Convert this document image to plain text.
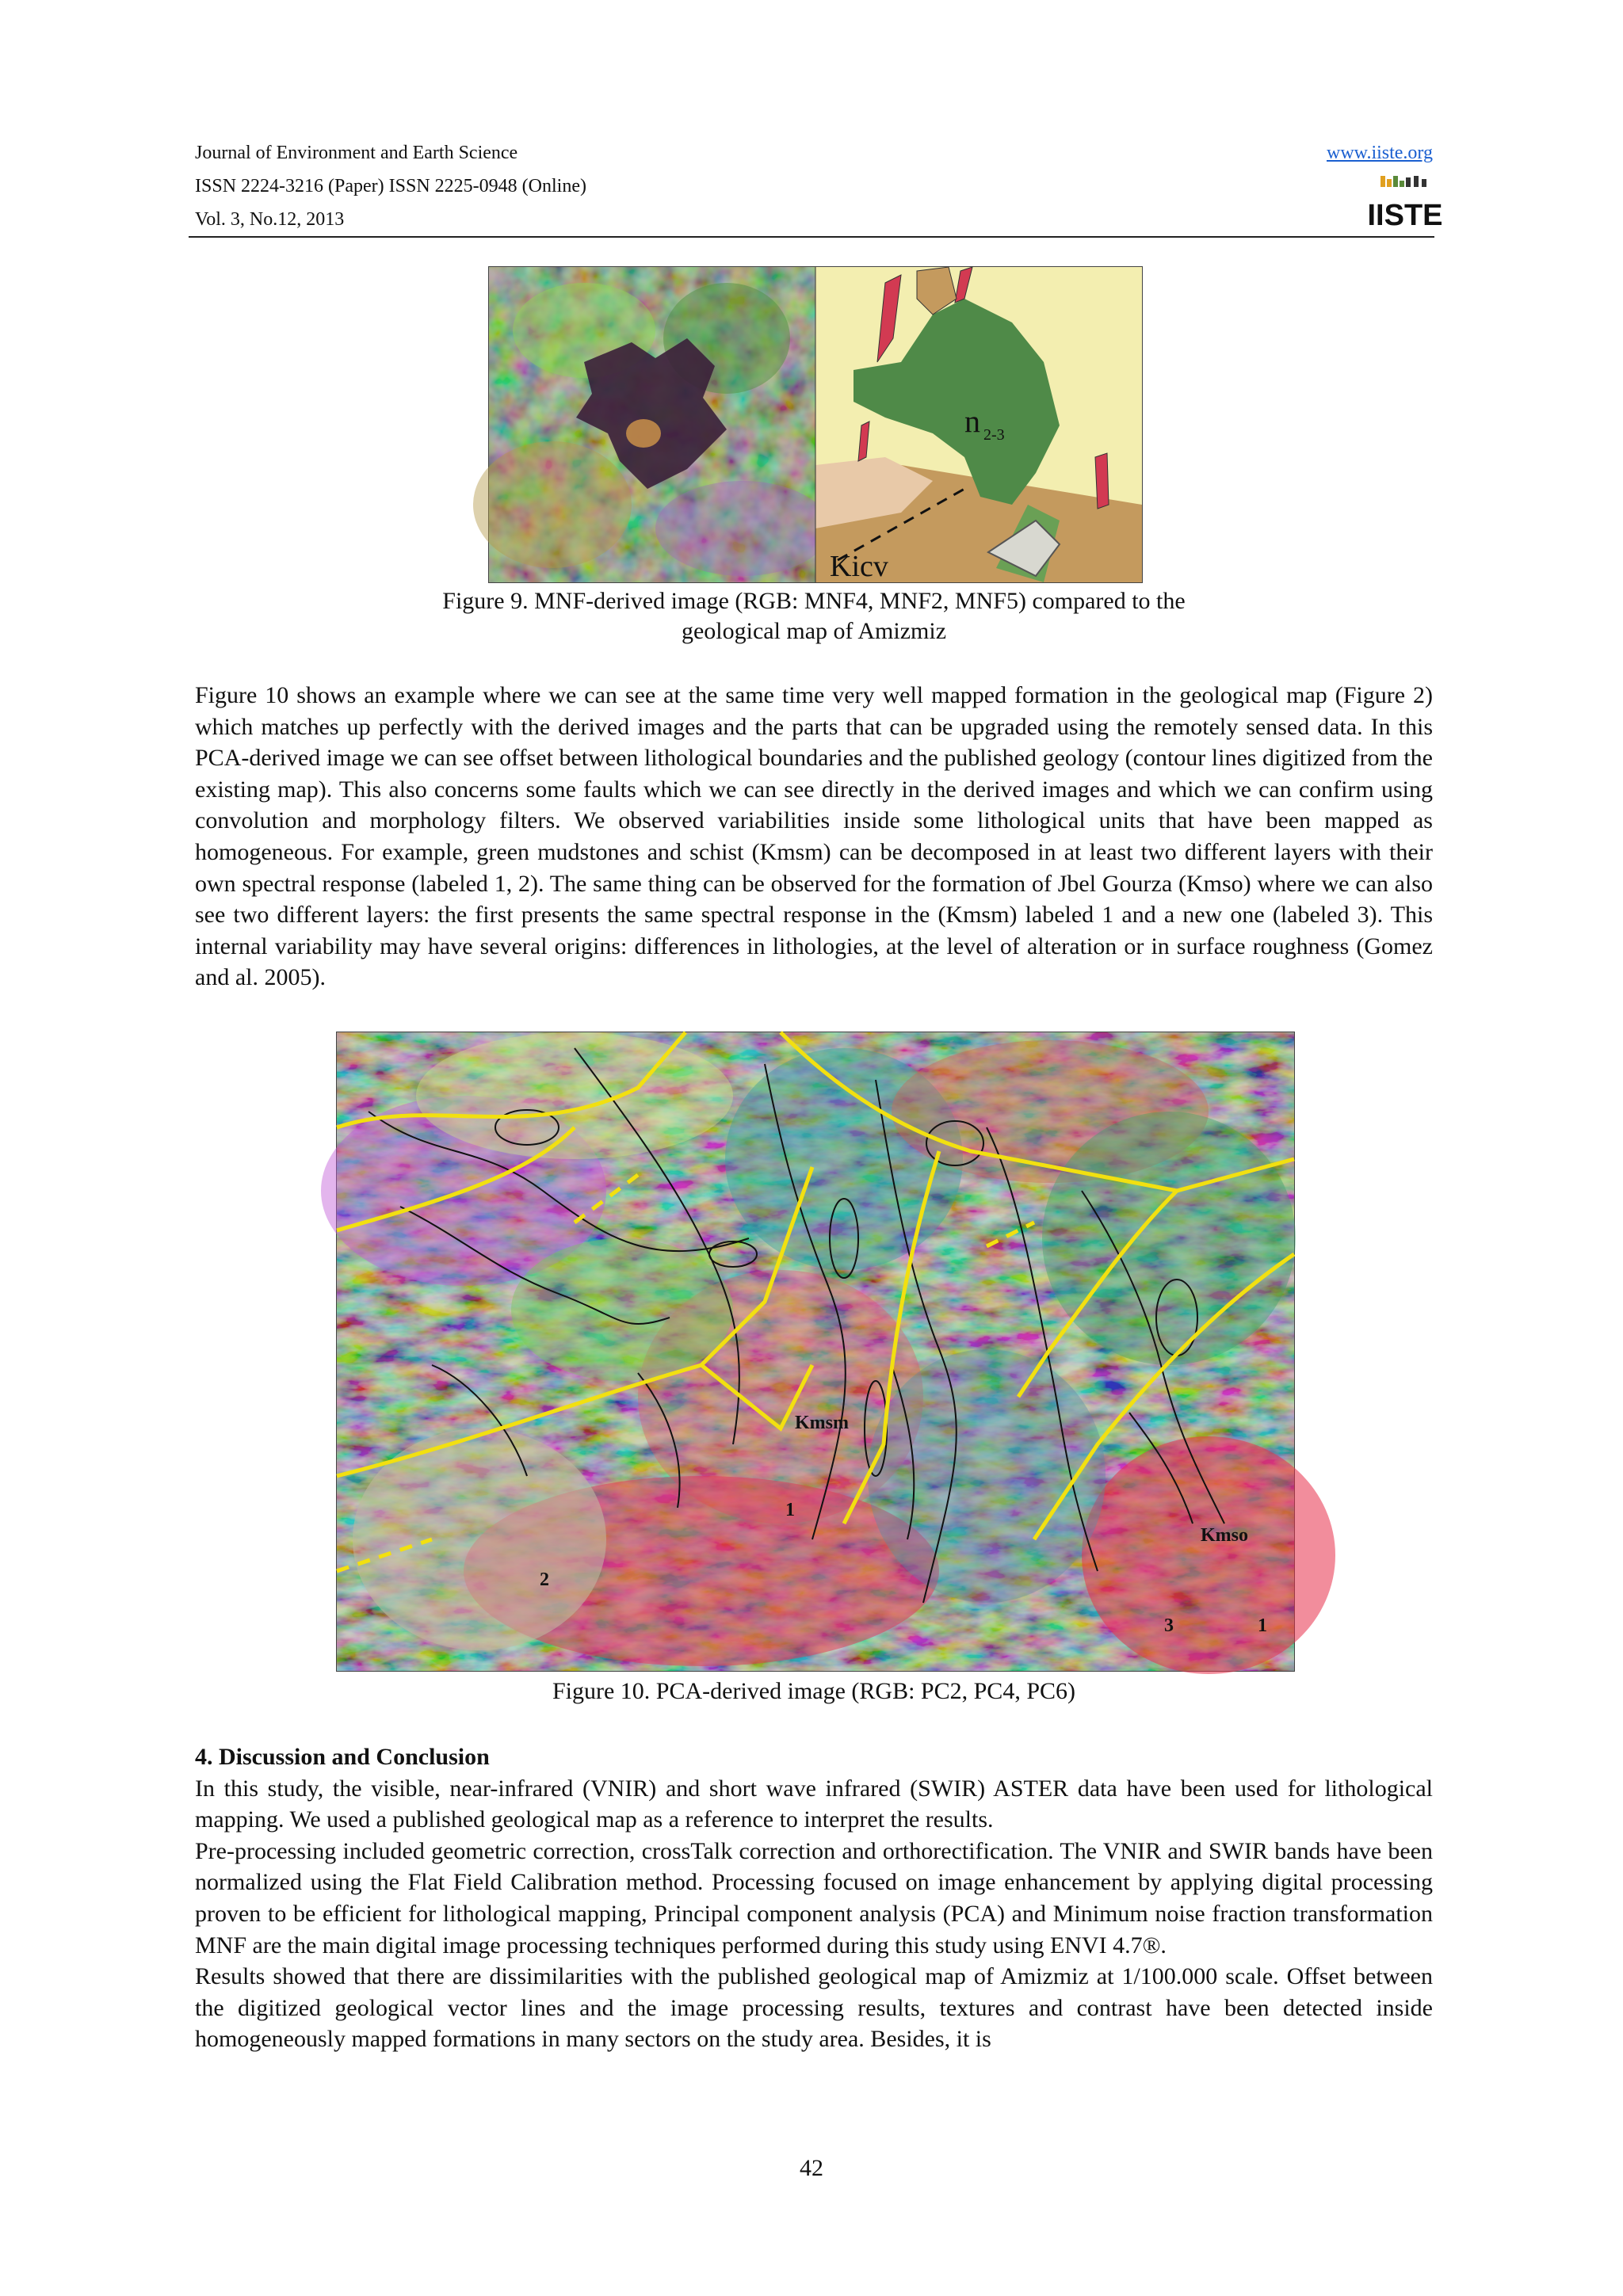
Journal of Environment and Earth Science
ISSN 2224-3216 (Paper) ISSN 2225-0948 (Online)
Vol. 3, No.12, 2013
www.iiste.org
IISTE
n 2-3
Kicv
Figure 9. MNF-derived image (RGB: MNF4, MNF2, MNF5) compared to the
geological map of Amizmiz

Figure 10 shows an example where we can see at the same time very well mapped formation in the geological map (Figure 2) which matches up perfectly with the derived images and the parts that can be upgraded using the remotely sensed data. In this PCA-derived image we can see offset between lithological boundaries and the published geology (contour lines digitized from the existing map). This also concerns some faults which we can see directly in the derived images and which we can confirm using convolution and morphology filters. We observed variabilities inside some lithological units that have been mapped as homogeneous. For example, green mudstones and schist (Kmsm) can be decomposed in at least two different layers with their own spectral response (labeled 1, 2). The same thing can be observed for the formation of Jbel Gourza (Kmso) where we can also see two different layers: the first presents the same spectral response in the (Kmsm) labeled 1 and a new one (labeled 3). This internal variability may have several origins: differences in lithologies, at the level of alteration or in surface roughness (Gomez and al. 2005).

Kmsm
Kmso
1
2
3	1
Figure 10. PCA-derived image (RGB: PC2, PC4, PC6)

4. Discussion and Conclusion

In this study, the visible, near-infrared (VNIR) and short wave infrared (SWIR) ASTER data have been used for lithological mapping. We used a published geological map as a reference to interpret the results.

Pre-processing included geometric correction, crossTalk correction and orthorectification. The VNIR and SWIR bands have been normalized using the Flat Field Calibration method. Processing focused on image enhancement by applying digital processing proven to be efficient for lithological mapping, Principal component analysis (PCA) and Minimum noise fraction transformation MNF are the main digital image processing techniques performed during this study using ENVI 4.7®.

Results showed that there are dissimilarities with the published geological map of Amizmiz at 1/100.000 scale. Offset between the digitized geological vector lines and the image processing results, textures and contrast have been detected inside homogeneously mapped formations in many sectors on the study area. Besides, it is

42
